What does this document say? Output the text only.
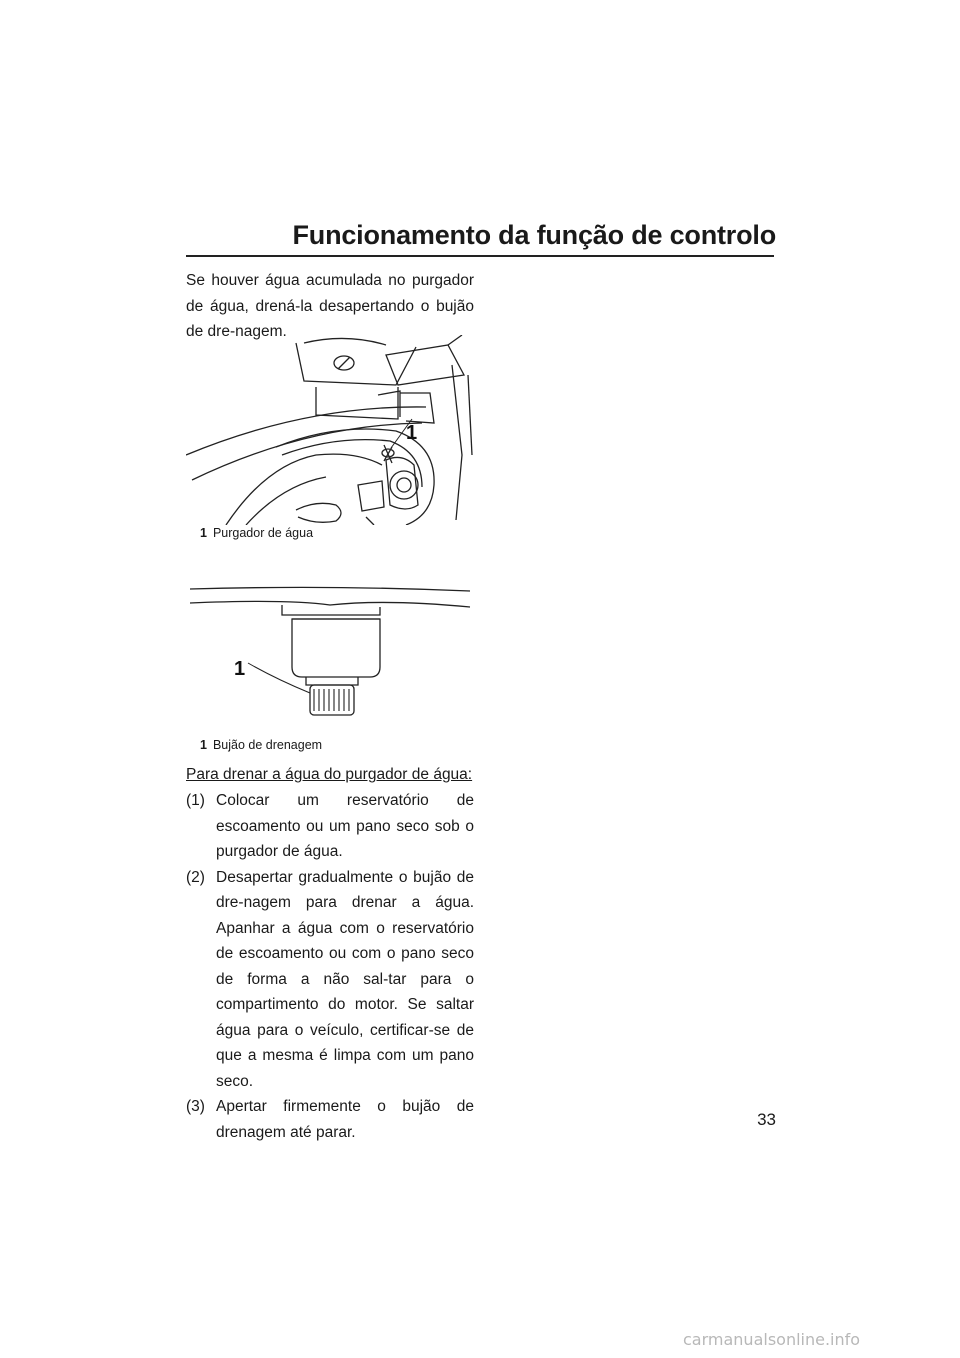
Funcionamento da função de controlo
Se houver água acumulada no purgador de água, drená-la desapertando o bujão de dre-nagem.
1
1 Purgador de água
1
1 Bujão de drenagem
Para drenar a água do purgador de água:
(1) Colocar um reservatório de escoamento ou um pano seco sob o purgador de água.
(2) Desapertar gradualmente o bujão de dre-nagem para drenar a água. Apanhar a água com o reservatório de escoamento ou com o pano seco de forma a não sal-tar para o compartimento do motor. Se saltar água para o veículo, certificar-se de que a mesma é limpa com um pano seco.
(3) Apertar firmemente o bujão de drenagem até parar.
33
carmanualsonline.info
